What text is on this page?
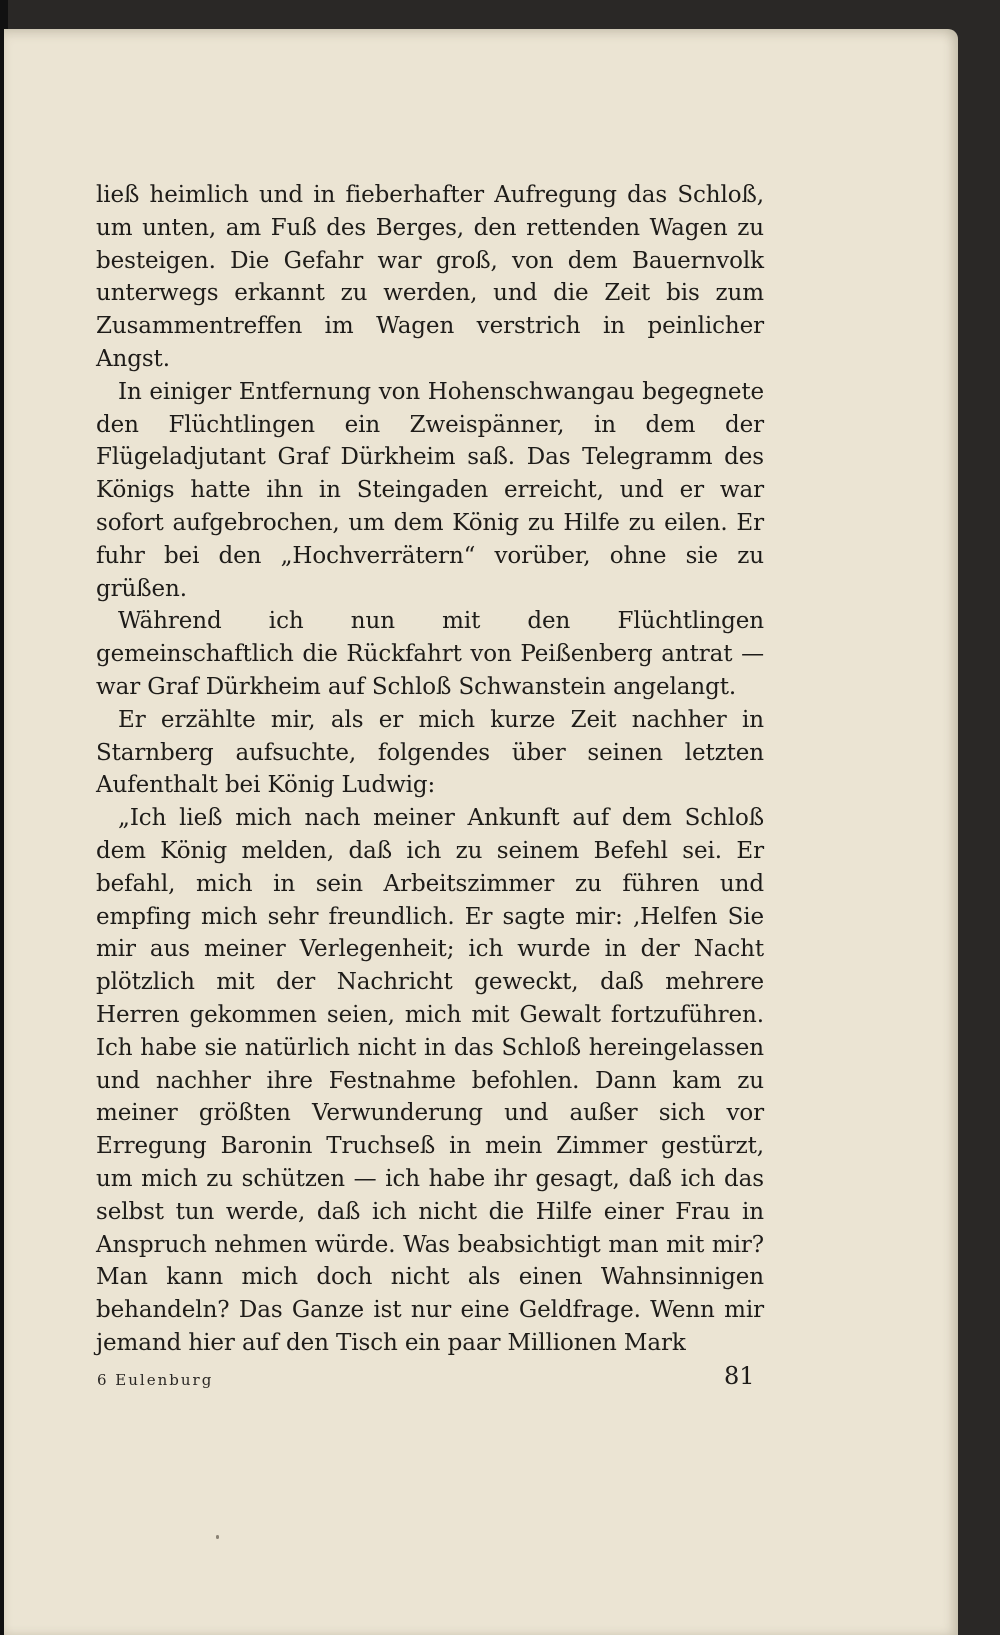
ließ heimlich und in fieberhafter Aufregung das Schloß, um unten, am Fuß des Berges, den rettenden Wagen zu besteigen. Die Gefahr war groß, von dem Bauernvolk unterwegs erkannt zu werden, und die Zeit bis zum Zusammentreffen im Wagen verstrich in peinlicher Angst.

In einiger Entfernung von Hohenschwangau begegnete den Flüchtlingen ein Zweispänner, in dem der Flügeladjutant Graf Dürkheim saß. Das Telegramm des Königs hatte ihn in Steingaden erreicht, und er war sofort aufgebrochen, um dem König zu Hilfe zu eilen. Er fuhr bei den „Hochverrätern“ vorüber, ohne sie zu grüßen.

Während ich nun mit den Flüchtlingen gemeinschaftlich die Rückfahrt von Peißenberg antrat — war Graf Dürkheim auf Schloß Schwanstein angelangt.

Er erzählte mir, als er mich kurze Zeit nachher in Starnberg aufsuchte, folgendes über seinen letzten Aufenthalt bei König Ludwig:

„Ich ließ mich nach meiner Ankunft auf dem Schloß dem König melden, daß ich zu seinem Befehl sei. Er befahl, mich in sein Arbeitszimmer zu führen und empfing mich sehr freundlich. Er sagte mir: ‚Helfen Sie mir aus meiner Verlegenheit; ich wurde in der Nacht plötzlich mit der Nachricht geweckt, daß mehrere Herren gekommen seien, mich mit Gewalt fortzuführen. Ich habe sie natürlich nicht in das Schloß hereingelassen und nachher ihre Festnahme befohlen. Dann kam zu meiner größten Verwunderung und außer sich vor Erregung Baronin Truchseß in mein Zimmer gestürzt, um mich zu schützen — ich habe ihr gesagt, daß ich das selbst tun werde, daß ich nicht die Hilfe einer Frau in Anspruch nehmen würde. Was beabsichtigt man mit mir? Man kann mich doch nicht als einen Wahnsinnigen behandeln? Das Ganze ist nur eine Geldfrage. Wenn mir jemand hier auf den Tisch ein paar Millionen Mark

6 Eulenburg	81
